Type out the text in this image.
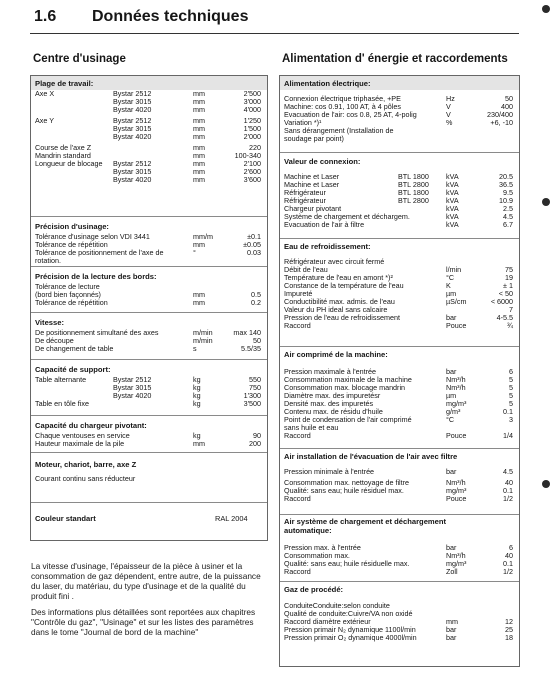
1.6 Données techniques
Centre d'usinage	Alimentation d' énergie et raccordements
Plage de travail:
Axe X	Bystar 2512	mm	2'500
Bystar 3015	mm	3'000
Bystar 4020	mm	4'000
Axe Y	Bystar 2512	mm	1'250
Bystar 3015	mm	1'500
Bystar 4020	mm	2'000
Course de l'axe Z	mm	220
Mandrin standard	mm	100-340
Longueur de blocage Bystar 2512	mm	2'100
Bystar 3015	mm	2'600
Bystar 4020	mm	3'600
Précision d'usinage:
Tolérance d'usinage selon VDI 3441	mm/m	±0.1
Tolérance de répétition	mm	±0.05
Tolérance de positionnement de l'axe de	°	0.03
rotation.
Précision de la lecture des bords:
Tolérance de lecture
(bord bien façonnés)	mm	0.5
Tolérance de répétition	mm	0.2
Vitesse:
De positionnement simultané des axes	m/min	max 140
De découpe	m/min	50
De changement de table	s	5.5/35
Capacité de support:
Table alternante	Bystar 2512	kg	550
Bystar 3015	kg	750
Bystar 4020	kg	1'300
Table en tôle fixe	kg	3'500
Capacité du chargeur pivotant:
Chaque ventouses en service	kg	90
Hauteur maximale de la pile	mm	200
Moteur, chariot, barre, axe Z
Courant continu sans réducteur
Couleur standart	RAL 2004

La vitesse d'usinage, l'épaisseur de la pièce à usiner et la consommation de gaz dépendent, entre autre, de la puissance du laser, du matériau, du type d'usinage et de la qualité du produit fini .

Des informations plus détaillées sont reportées aux chapitres "Contrôle du gaz", "Usinage" et sur les listes des paramètres dans le tome "Journal de bord de la machine"

Alimentation électrique:
Connexion électrique triphasée, +PE	Hz	50
Machine: cos 0.91, 100 AT, à 4 pôles	V	400
Evacuation de l'air: cos 0.8, 25 AT, 4-polig	V	230/400
Variation *)¹	%	+6, -10
Sans dérangement (Installation de
soudage par point)
Valeur de connexion:
Machine et Laser	BTL 1800 kVA	20.5
Machine et Laser	BTL 2800 kVA	36.5
Réfrigérateur	BTL 1800 kVA	9.5
Réfrigérateur	BTL 2800 kVA	10.9
Chargeur pivotant	kVA	2.5
Système de chargement et déchargem.	kVA	4.5
Evacuation de l'air à filtre	kVA	6.7
Eau de refroidissement:
Réfrigérateur avec circuit fermé
Débit de l'eau	l/min	75
Température de l'eau en amont *)²	°C	19
Constance de la température de l'eau	K	± 1
Impureté	µm	< 50
Conductibilité max. admis. de l'eau	µS/cm	< 6000
Valeur du PH ideal sans calcaire	7
Pression de l'eau de refroidissement	bar	4-5.5
Raccord	Pouce	¾
Air comprimé de la machine:
Pression maximale à l'entrée	bar	6
Consommation maximale de la machine	Nm³/h	5
Consommation max. blocage mandrin	Nm³/h	5
Diamètre max. des impuretésr	µm	5
Densité max. des impuretés	mg/m³	5
Contenu max. de résidu d'huile	g/m³	0.1
Point de condensation de l'air comprimé	°C	3
sans huile et eau
Raccord	Pouce	1/4
Air installation de l'évacuation de l'air avec filtre
Pression minimale à l'entrée	bar	4.5
Consommation max. nettoyage de filtre	Nm³/h	40
Qualité: sans eau; huile résiduel max.	mg/m³	0.1
Raccord	Pouce	1/2
Air système de chargement et déchargement automatique:
Pression max. à l'entrée	bar	6
Consommation max.	Nm³/h	40
Qualité: sans eau; huile résiduelle max.	mg/m³	0.1
Raccord	Zoll	1/2
Gaz de procédé:
ConduiteConduite:selon conduite
Qualité de conduite:Cuivre/VA non oxidé
Raccord diamètre extérieur	mm	12
Pression primair N₂ dynamique 1100l/min	bar	25
Pression primair O₂ dynamique 4000l/min	bar	18
